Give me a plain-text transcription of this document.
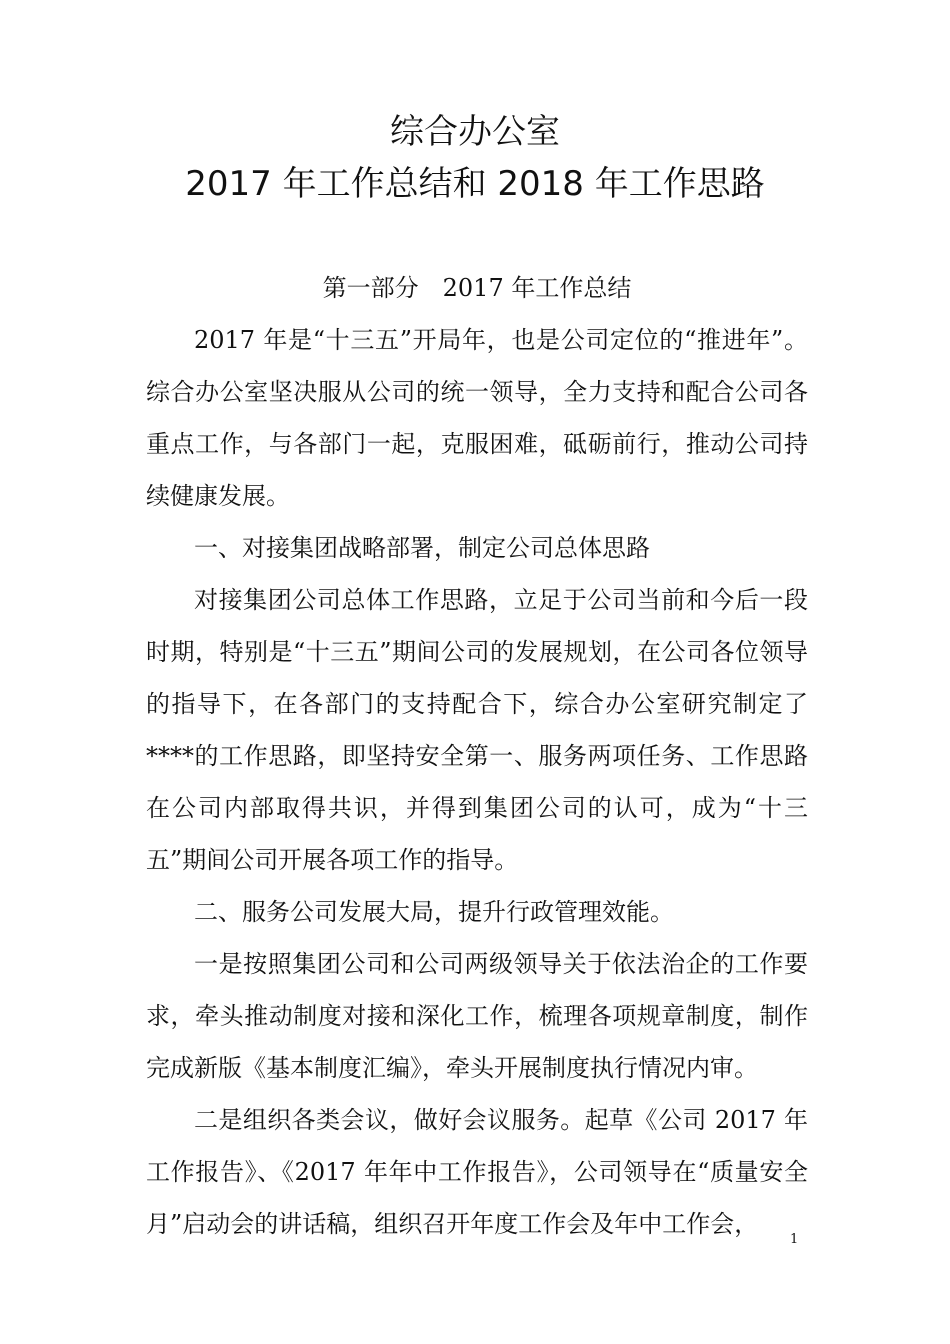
综合办公室
2017 年工作总结和 2018 年工作思路
第一部分　2017 年工作总结

2017 年是“十三五”开局年，也是公司定位的“推进年”。综合办公室坚决服从公司的统一领导，全力支持和配合公司各重点工作，与各部门一起，克服困难，砥砺前行，推动公司持续健康发展。

一、对接集团战略部署，制定公司总体思路

对接集团公司总体工作思路，立足于公司当前和今后一段时期，特别是“十三五”期间公司的发展规划，在公司各位领导的指导下，在各部门的支持配合下，综合办公室研究制定了****的工作思路，即坚持安全第一、服务两项任务、工作思路在公司内部取得共识，并得到集团公司的认可，成为“十三五”期间公司开展各项工作的指导。

二、服务公司发展大局，提升行政管理效能。

一是按照集团公司和公司两级领导关于依法治企的工作要求，牵头推动制度对接和深化工作，梳理各项规章制度，制作完成新版《基本制度汇编》，牵头开展制度执行情况内审。

二是组织各类会议，做好会议服务。起草《公司 2017 年工作报告》、《2017 年年中工作报告》，公司领导在“质量安全月”启动会的讲话稿，组织召开年度工作会及年中工作会，

1
